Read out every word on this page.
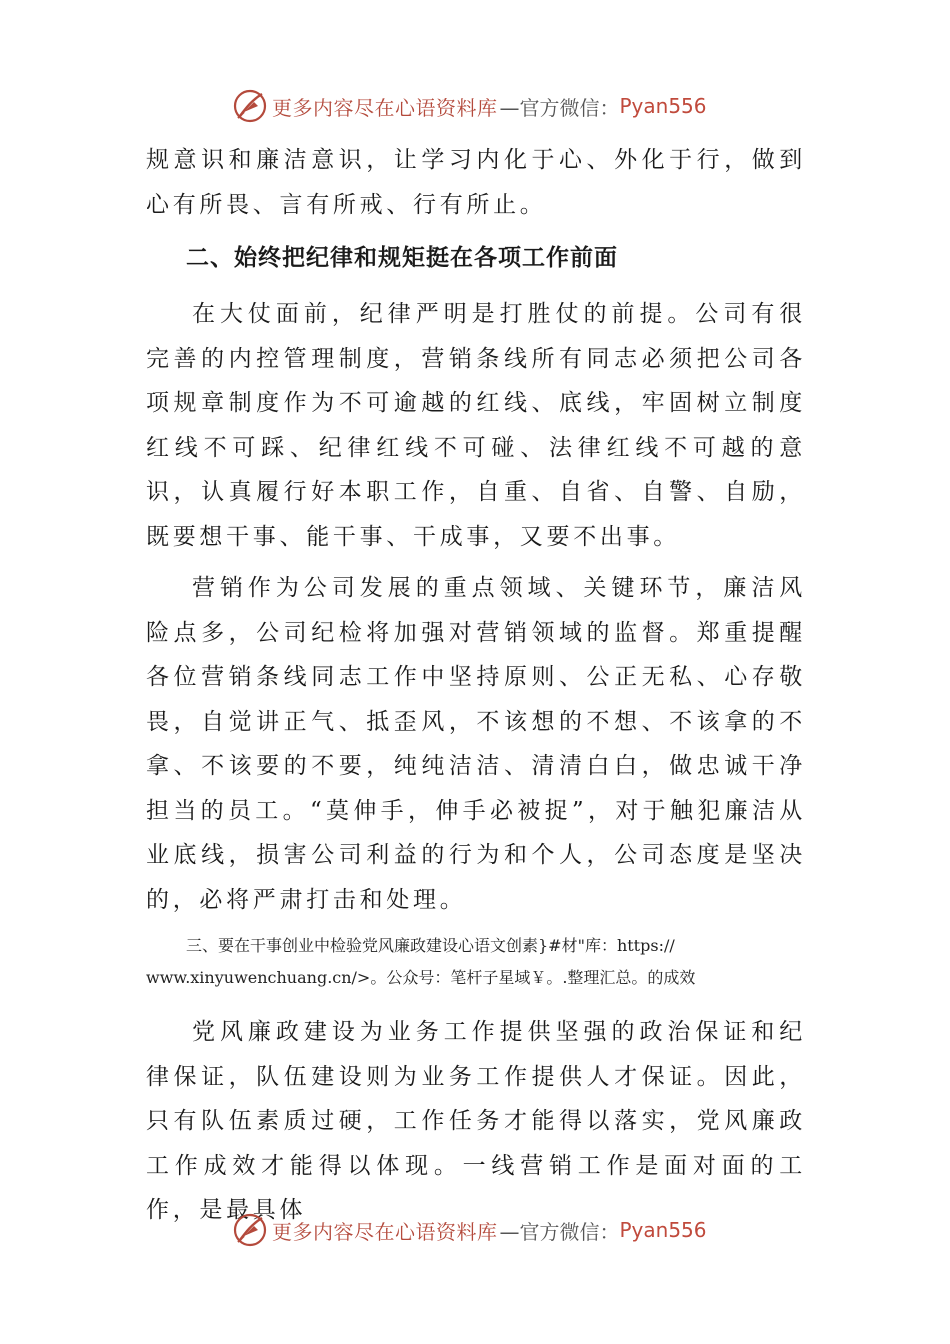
更多内容尽在心语资料库 —官方微信： Pyan556

规意识和廉洁意识，让学习内化于心、外化于行，做到心有所畏、言有所戒、行有所止。

二、始终把纪律和规矩挺在各项工作前面

在大仗面前，纪律严明是打胜仗的前提。公司有很完善的内控管理制度，营销条线所有同志必须把公司各项规章制度作为不可逾越的红线、底线，牢固树立制度红线不可踩、纪律红线不可碰、法律红线不可越的意识，认真履行好本职工作，自重、自省、自警、自励，既要想干事、能干事、干成事，又要不出事。

营销作为公司发展的重点领域、关键环节，廉洁风险点多，公司纪检将加强对营销领域的监督。郑重提醒各位营销条线同志工作中坚持原则、公正无私、心存敬畏，自觉讲正气、抵歪风，不该想的不想、不该拿的不拿、不该要的不要，纯纯洁洁、清清白白，做忠诚干净担当的员工。“莫伸手，伸手必被捉”，对于触犯廉洁从业底线，损害公司利益的行为和个人，公司态度是坚决的，必将严肃打击和处理。

三、要在干事创业中检验党风廉政建设心语文创素}#材"库：https://
www.xinyuwenchuang.cn/>。公众号：笔杆子星域￥。.整理汇总。的成效

党风廉政建设为业务工作提供坚强的政治保证和纪律保证，队伍建设则为业务工作提供人才保证。因此，只有队伍素质过硬，工作任务才能得以落实，党风廉政工作成效才能得以体现。一线营销工作是面对面的工作，是最具体

更多内容尽在心语资料库 —官方微信： Pyan556
